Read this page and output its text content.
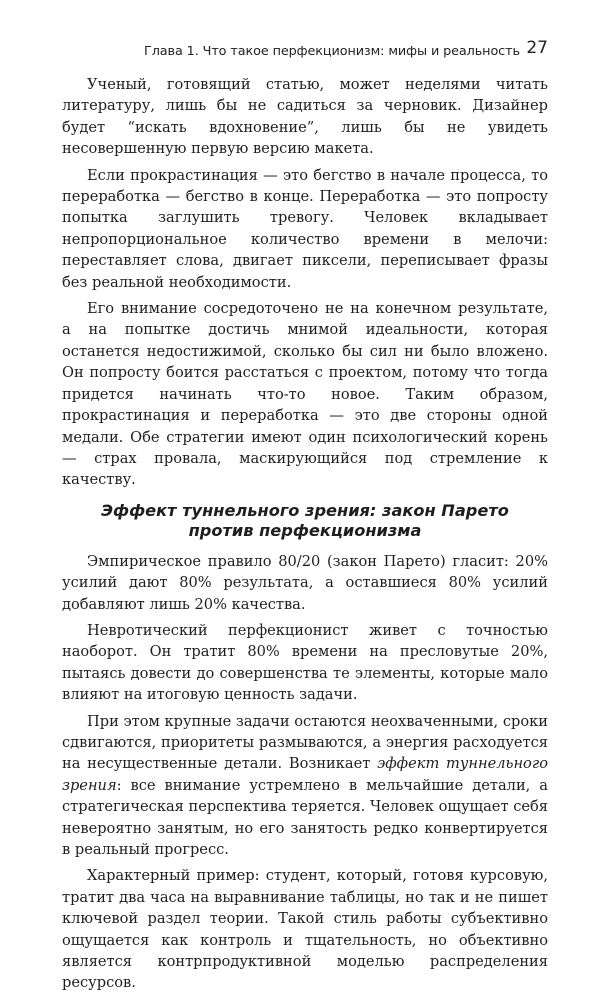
Глава 1. Что такое перфекционизм: мифы и реальность 27

Ученый, готовящий статью, может неделями читать литературу, лишь бы не садиться за черновик. Дизайнер будет “искать вдохновение”, лишь бы не увидеть несовершенную первую версию макета.

Если прокрастинация — это бегство в начале процесса, то переработка — бегство в конце. Переработка — это попросту попытка заглушить тревогу. Человек вкладывает непропорциональное количество времени в мелочи: переставляет слова, двигает пиксели, переписывает фразы без реальной необходимости.

Его внимание сосредоточено не на конечном результате, а на попытке достичь мнимой идеальности, которая останется недостижимой, сколько бы сил ни было вложено. Он попросту боится расстаться с проектом, потому что тогда придется начинать что-то новое. Таким образом, прокрастинация и переработка — это две стороны одной медали. Обе стратегии имеют один психологический корень — страх провала, маскирующийся под стремление к качеству.

Эффект туннельного зрения: закон Парето
против перфекционизма

Эмпирическое правило 80/20 (закон Парето) гласит: 20% усилий дают 80% результата, а оставшиеся 80% усилий добавляют лишь 20% качества.

Невротический перфекционист живет с точностью наоборот. Он тратит 80% времени на пресловутые 20%, пытаясь довести до совершенства те элементы, которые мало влияют на итоговую ценность задачи.

При этом крупные задачи остаются неохваченными, сроки сдвигаются, приоритеты размываются, а энергия расходуется на несущественные детали. Возникает эффект туннельного зрения: все внимание устремлено в мельчайшие детали, а стратегическая перспектива теряется. Человек ощущает себя невероятно занятым, но его занятость редко конвертируется в реальный прогресс.

Характерный пример: студент, который, готовя курсовую, тратит два часа на выравнивание таблицы, но так и не пишет ключевой раздел теории. Такой стиль работы субъективно ощущается как контроль и тщательность, но объективно является контрпродуктивной моделью распределения ресурсов.
